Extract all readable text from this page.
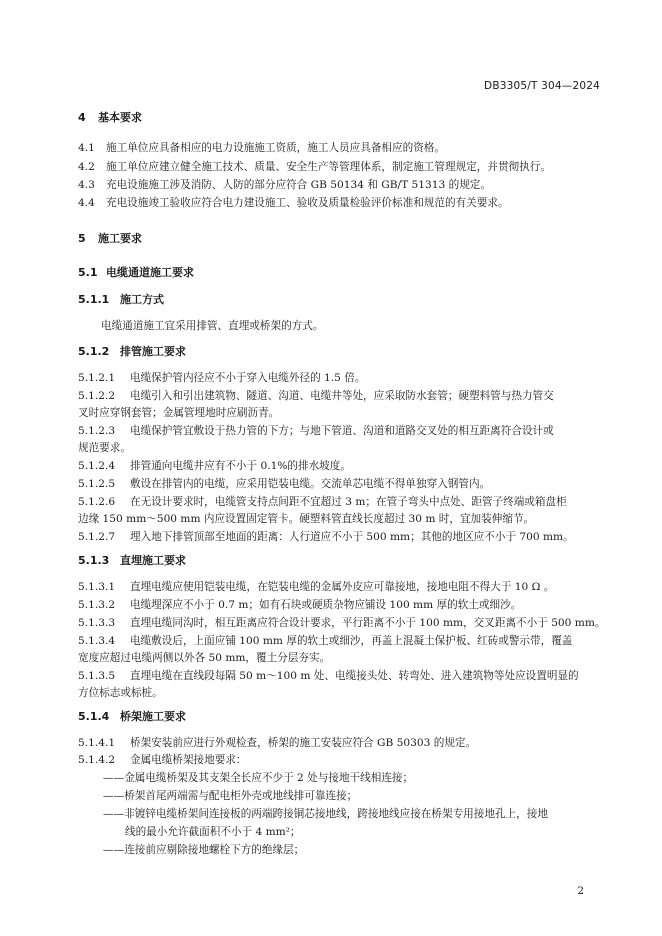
DB3305/T 304—2024
4 基本要求
4.1 施工单位应具备相应的电力设施施工资质，施工人员应具备相应的资格。
4.2 施工单位应建立健全施工技术、质量、安全生产等管理体系，制定施工管理规定，并贯彻执行。
4.3 充电设施施工涉及消防、人防的部分应符合 GB 50134 和 GB/T 51313 的规定。
4.4 充电设施竣工验收应符合电力建设施工、验收及质量检验评价标准和规范的有关要求。
5 施工要求
5.1 电缆通道施工要求
5.1.1 施工方式
电缆通道施工宜采用排管、直埋或桥架的方式。
5.1.2 排管施工要求
5.1.2.1 电缆保护管内径应不小于穿入电缆外径的 1.5 倍。
5.1.2.2 电缆引入和引出建筑物、隧道、沟道、电缆井等处，应采取防水套管；硬塑料管与热力管交
叉时应穿钢套管；金属管埋地时应刷沥青。
5.1.2.3 电缆保护管宜敷设于热力管的下方；与地下管道、沟道和道路交叉处的相互距离符合设计或
规范要求。
5.1.2.4 排管通向电缆井应有不小于 0.1%的排水坡度。
5.1.2.5 敷设在排管内的电缆，应采用铠装电缆。交流单芯电缆不得单独穿入钢管内。
5.1.2.6 在无设计要求时，电缆管支持点间距不宜超过 3 m；在管子弯头中点处、距管子终端或箱盘柜
边缘 150 mm～500 mm 内应设置固定管卡。硬塑料管直线长度超过 30 m 时，宜加装伸缩节。
5.1.2.7 埋入地下排管顶部至地面的距离：人行道应不小于 500 mm；其他的地区应不小于 700 mm。
5.1.3 直埋施工要求
5.1.3.1 直埋电缆应使用铠装电缆，在铠装电缆的金属外皮应可靠接地，接地电阻不得大于 10 Ω 。
5.1.3.2 电缆埋深应不小于 0.7 m；如有石块或硬质杂物应铺设 100 mm 厚的软土或细沙。
5.1.3.3 直埋电缆同沟时，相互距离应符合设计要求，平行距离不小于 100 mm，交叉距离不小于 500 mm。
5.1.3.4 电缆敷设后，上面应铺 100 mm 厚的软土或细沙，再盖上混凝土保护板、红砖或警示带，覆盖
宽度应超过电缆两侧以外各 50 mm，覆土分层夯实。
5.1.3.5 直埋电缆在直线段每隔 50 m～100 m 处、电缆接头处、转弯处、进入建筑物等处应设置明显的
方位标志或标桩。
5.1.4 桥架施工要求
5.1.4.1 桥架安装前应进行外观检查，桥架的施工安装应符合 GB 50303 的规定。
5.1.4.2 金属电缆桥架接地要求：
——金属电缆桥架及其支架全长应不少于 2 处与接地干线相连接；
——桥架首尾两端需与配电柜外壳或地线排可靠连接；
——非镀锌电缆桥架间连接板的两端跨接铜芯接地线，跨接地线应接在桥架专用接地孔上，接地
线的最小允许截面积不小于 4 mm²；
——连接前应剔除接地螺栓下方的绝缘层；
2
